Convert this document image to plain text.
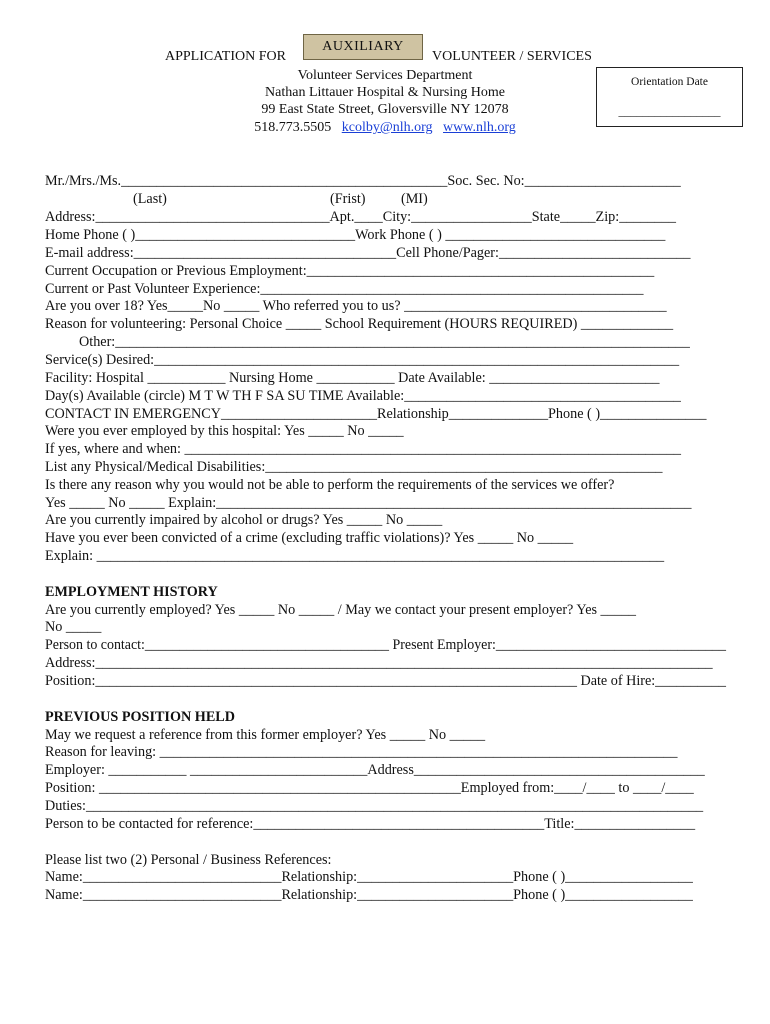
APPLICATION FOR
AUXILIARY
VOLUNTEER / SERVICES
Volunteer Services Department
Nathan Littauer Hospital & Nursing Home
99 East State Street, Gloversville NY 12078
518.773.5505 kcolby@nlh.org www.nlh.org
Orientation Date
_________________
Mr./Mrs./Ms.______________________________________________Soc. Sec. No:______________________
(Last)                                              (Frist)          (MI)
Address:_________________________________Apt.____City:_________________State_____Zip:________
Home Phone ( )_______________________________Work Phone ( ) _______________________________
E-mail address:_____________________________________Cell Phone/Pager:___________________________
Current Occupation or Previous Employment:_________________________________________________
Current or Past Volunteer Experience:______________________________________________________
Are you over 18? Yes_____No _____ Who referred you to us? _____________________________________
Reason for volunteering: Personal Choice _____ School Requirement (HOURS REQUIRED) _____________
Other:_________________________________________________________________________________
Service(s) Desired:__________________________________________________________________________
Facility: Hospital ___________ Nursing Home ___________ Date Available: ________________________
Day(s) Available (circle) M T W TH F SA SU TIME Available:_______________________________________
CONTACT IN EMERGENCY______________________Relationship______________Phone ( )_______________
Were you ever employed by this hospital: Yes _____ No _____
If yes, where and when: ______________________________________________________________________
List any Physical/Medical Disabilities:________________________________________________________
Is there any reason why you would not be able to perform the requirements of the services we offer?
Yes _____ No _____ Explain:___________________________________________________________________
Are you currently impaired by alcohol or drugs? Yes _____ No _____
Have you ever been convicted of a crime (excluding traffic violations)? Yes _____ No _____
Explain: ________________________________________________________________________________
EMPLOYMENT HISTORY
Are you currently employed? Yes _____ No _____ / May we contact your present employer? Yes _____
No _____
Person to contact:___________________________________ Present Employer:_________________________________
Address:_______________________________________________________________________________________
Position:____________________________________________________________________ Date of Hire:__________
PREVIOUS POSITION HELD
May we request a reference from this former employer? Yes _____ No _____
Reason for leaving: _________________________________________________________________________
Employer: ___________ _________________________Address_________________________________________
Position: ___________________________________________________Employed from:____/____ to ____/____
Duties:_______________________________________________________________________________________
Person to be contacted for reference:_________________________________________Title:_________________
Please list two (2) Personal / Business References:
Name:____________________________Relationship:______________________Phone ( )__________________
Name:____________________________Relationship:______________________Phone ( )__________________
